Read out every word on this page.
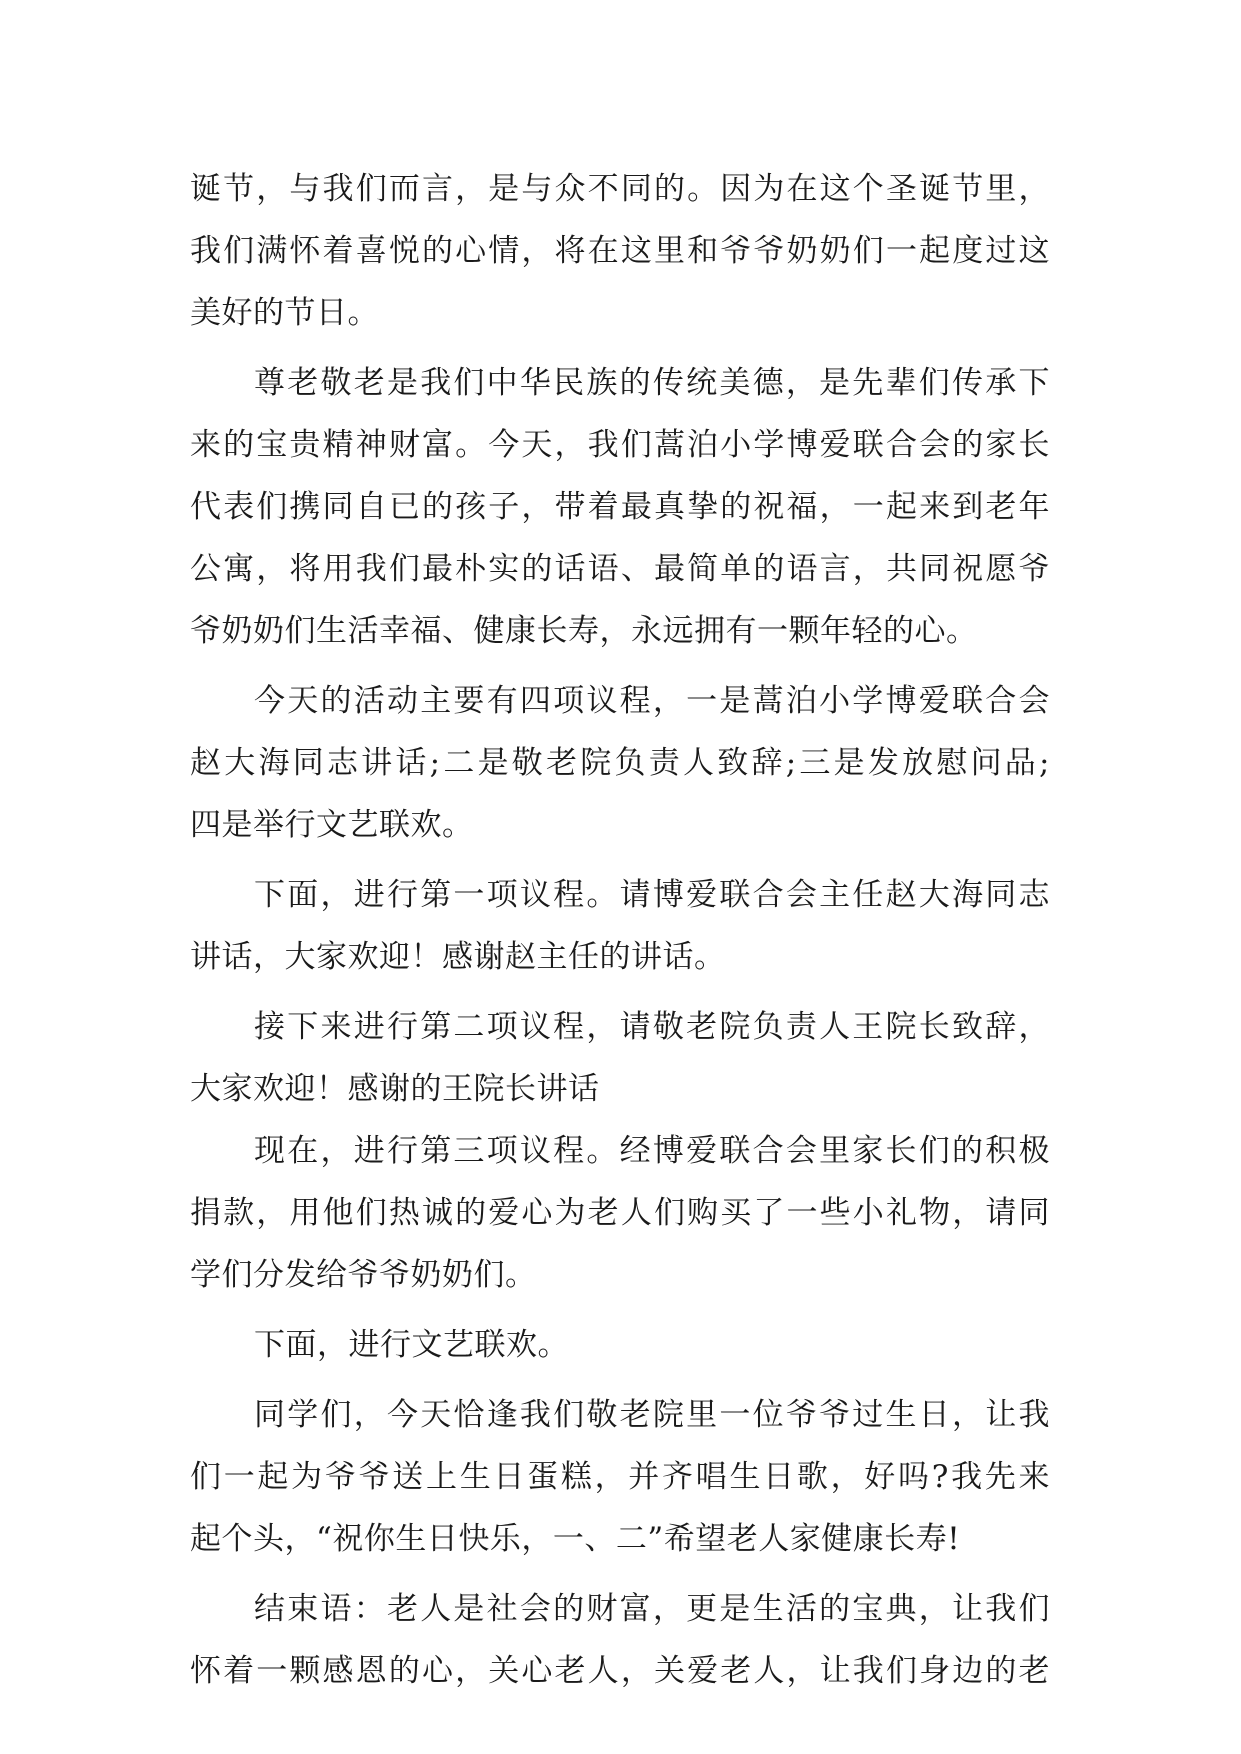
诞节，与我们而言，是与众不同的。因为在这个圣诞节里，
我们满怀着喜悦的心情，将在这里和爷爷奶奶们一起度过这
美好的节日。
尊老敬老是我们中华民族的传统美德，是先辈们传承下
来的宝贵精神财富。今天，我们蒿泊小学博爱联合会的家长
代表们携同自已的孩子，带着最真挚的祝福，一起来到老年
公寓，将用我们最朴实的话语、最简单的语言，共同祝愿爷
爷奶奶们生活幸福、健康长寿，永远拥有一颗年轻的心。
今天的活动主要有四项议程，一是蒿泊小学博爱联合会
赵大海同志讲话;二是敬老院负责人致辞;三是发放慰问品;
四是举行文艺联欢。
下面，进行第一项议程。请博爱联合会主任赵大海同志
讲话，大家欢迎！感谢赵主任的讲话。
接下来进行第二项议程，请敬老院负责人王院长致辞，
大家欢迎！感谢的王院长讲话
现在，进行第三项议程。经博爱联合会里家长们的积极
捐款，用他们热诚的爱心为老人们购买了一些小礼物，请同
学们分发给爷爷奶奶们。
下面，进行文艺联欢。
同学们，今天恰逢我们敬老院里一位爷爷过生日，让我
们一起为爷爷送上生日蛋糕，并齐唱生日歌，好吗?我先来
起个头，“祝你生日快乐，一、二”希望老人家健康长寿!
结束语：老人是社会的财富，更是生活的宝典，让我们
怀着一颗感恩的心，关心老人，关爱老人，让我们身边的老
